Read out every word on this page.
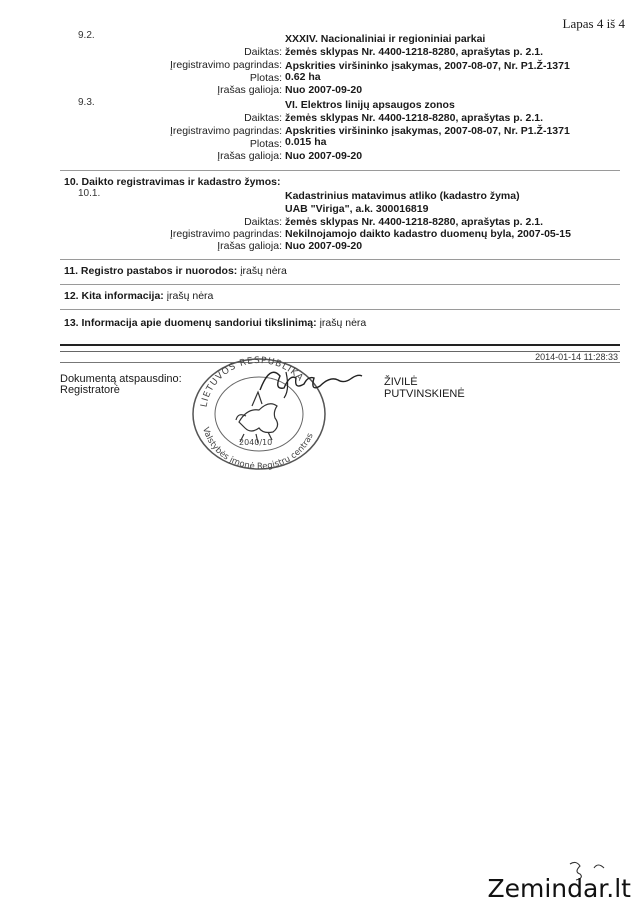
Lapas 4 iš 4
9.2.	XXXIV. Nacionaliniai ir regioniniai parkai
Daiktas: žemės sklypas Nr. 4400-1218-8280, aprašytas p. 2.1.
Įregistravimo pagrindas: Apskrities viršininko įsakymas, 2007-08-07, Nr. P1.Ž-1371
Plotas: 0.62 ha
Įrašas galioja: Nuo 2007-09-20
9.3.	VI. Elektros linijų apsaugos zonos
Daiktas: žemės sklypas Nr. 4400-1218-8280, aprašytas p. 2.1.
Įregistravimo pagrindas: Apskrities viršininko įsakymas, 2007-08-07, Nr. P1.Ž-1371
Plotas: 0.015 ha
Įrašas galioja: Nuo 2007-09-20
10. Daikto registravimas ir kadastro žymos:
10.1.	Kadastrinius matavimus atliko (kadastro žyma)
UAB "Viriga", a.k. 300016819
Daiktas: žemės sklypas Nr. 4400-1218-8280, aprašytas p. 2.1.
Įregistravimo pagrindas: Nekilnojamojo daikto kadastro duomenų byla, 2007-05-15
Įrašas galioja: Nuo 2007-09-20
11. Registro pastabos ir nuorodos: įrašų nėra
12. Kita informacija: įrašų nėra
13. Informacija apie duomenų sandoriui tikslinimą: įrašų nėra
2014-01-14 11:28:33
Dokumentą atspausdino:
Registratorė
ŽIVILĖ
PUTVINSKIENĖ
LIETUVOS RESPUBLIKA
Valstybės įmonė Registrų centras
2040/10
Zemindar.lt
